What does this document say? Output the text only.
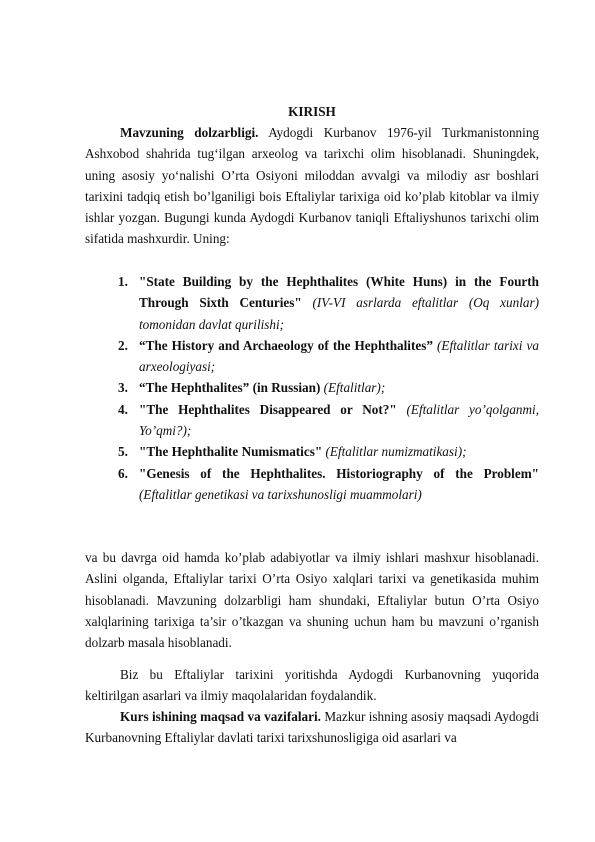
KIRISH
Mavzuning dolzarbligi. Aydogdi Kurbanov 1976-yil Turkmanistonning Ashxobod shahrida tug‘ilgan arxeolog va tarixchi olim hisoblanadi. Shuningdek, uning asosiy yo‘nalishi O’rta Osiyoni miloddan avvalgi va milodiy asr boshlari tarixini tadqiq etish bo’lganiligi bois Eftaliylar tarixiga oid ko’plab kitoblar va ilmiy ishlar yozgan. Bugungi kunda Aydogdi Kurbanov taniqli Eftaliyshunos tarixchi olim sifatida mashxurdir. Uning:
1. "State Building by the Hephthalites (White Huns) in the Fourth Through Sixth Centuries" (IV-VI asrlarda eftalitlar (Oq xunlar) tomonidan davlat qurilishi;
2. “The History and Archaeology of the Hephthalites” (Eftalitlar tarixi va arxeologiyasi;
3. “The Hephthalites” (in Russian) (Eftalitlar);
4. "The Hephthalites Disappeared or Not?" (Eftalitlar yo’qolganmi, Yo’qmi?);
5. "The Hephthalite Numismatics" (Eftalitlar numizmatikasi);
6. "Genesis of the Hephthalites. Historiography of the Problem" (Eftalitlar genetikasi va tarixshunosligi muammolari)
va bu davrga oid hamda ko’plab adabiyotlar va ilmiy ishlari mashxur hisoblanadi. Aslini olganda, Eftaliylar tarixi O’rta Osiyo xalqlari tarixi va genetikasida muhim hisoblanadi. Mavzuning dolzarbligi ham shundaki, Eftaliylar butun O’rta Osiyo xalqlarining tarixiga ta’sir o’tkazgan va shuning uchun ham bu mavzuni o’rganish dolzarb masala hisoblanadi.
Biz bu Eftaliylar tarixini yoritishda Aydogdi Kurbanovning yuqorida keltirilgan asarlari va ilmiy maqolalaridan foydalandik.
Kurs ishining maqsad va vazifalari. Mazkur ishning asosiy maqsadi Aydogdi Kurbanovning Eftaliylar davlati tarixi tarixshunosligiga oid asarlari va
